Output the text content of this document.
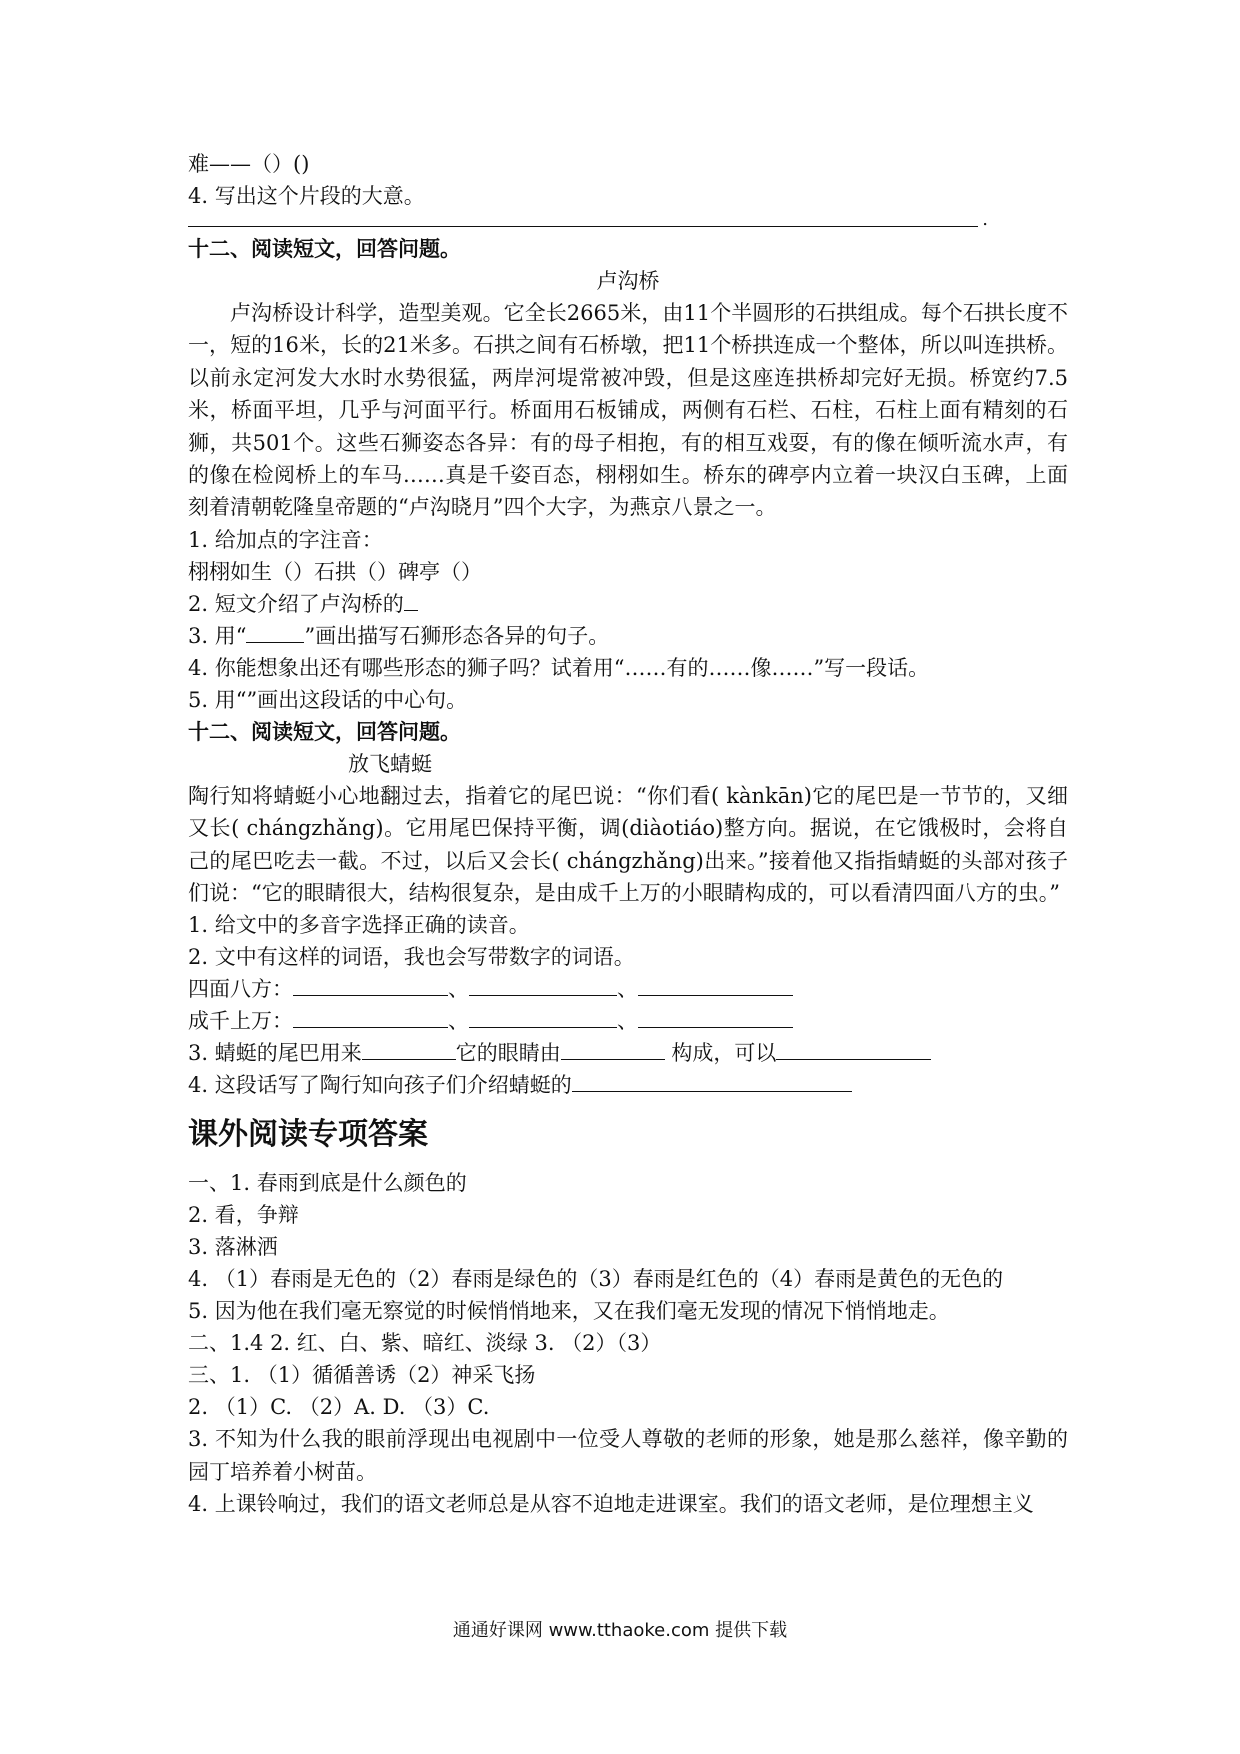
难——（）()

4. 写出这个片段的大意。

.

十二、阅读短文，回答问题。

卢沟桥

卢沟桥设计科学，造型美观。它全长2665米，由11个半圆形的石拱组成。每个石拱长度不一，短的16米，长的21米多。石拱之间有石桥墩，把11个桥拱连成一个整体，所以叫连拱桥。以前永定河发大水时水势很猛，两岸河堤常被冲毁，但是这座连拱桥却完好无损。桥宽约7.5米，桥面平坦，几乎与河面平行。桥面用石板铺成，两侧有石栏、石柱，石柱上面有精刻的石狮，共501个。这些石狮姿态各异：有的母子相抱，有的相互戏耍，有的像在倾听流水声，有的像在检阅桥上的车马……真是千姿百态，栩栩如生。桥东的碑亭内立着一块汉白玉碑，上面刻着清朝乾隆皇帝题的“卢沟晓月”四个大字，为燕京八景之一。

1. 给加点的字注音：

栩栩如生（）石拱（）碑亭（）

2. 短文介绍了卢沟桥的

3. 用“	”画出描写石狮形态各异的句子。

4. 你能想象出还有哪些形态的狮子吗？试着用“……有的……像……”写一段话。

5. 用“”画出这段话的中心句。

十二、阅读短文，回答问题。

放飞蜻蜓

陶行知将蜻蜓小心地翻过去，指着它的尾巴说：“你们看( kànkān)它的尾巴是一节节的，又细又长( chángzhǎng)。它用尾巴保持平衡，调(diàotiáo)整方向。据说，在它饿极时，会将自己的尾巴吃去一截。不过，以后又会长( chángzhǎng)出来。”接着他又指指蜻蜓的头部对孩子们说：“它的眼睛很大，结构很复杂，是由成千上万的小眼睛构成的，可以看清四面八方的虫。”

1. 给文中的多音字选择正确的读音。

2. 文中有这样的词语，我也会写带数字的词语。

四面八方：	、	、

成千上万：	、	、

3. 蜻蜓的尾巴用来	它的眼睛由	构成，可以

4. 这段话写了陶行知向孩子们介绍蜻蜓的

课外阅读专项答案

一、1. 春雨到底是什么颜色的

2. 看，争辩

3. 落淋洒

4. （1）春雨是无色的（2）春雨是绿色的（3）春雨是红色的（4）春雨是黄色的无色的

5. 因为他在我们毫无察觉的时候悄悄地来，又在我们毫无发现的情况下悄悄地走。

二、1.4 2. 红、白、紫、暗红、淡绿 3. （2）（3）

三、1. （1）循循善诱（2）神采飞扬

2. （1）C. （2）A. D. （3）C.

3. 不知为什么我的眼前浮现出电视剧中一位受人尊敬的老师的形象，她是那么慈祥，像辛勤的园丁培养着小树苗。

4. 上课铃响过，我们的语文老师总是从容不迫地走进课室。我们的语文老师，是位理想主义

通通好课网 www.tthaoke.com 提供下载
